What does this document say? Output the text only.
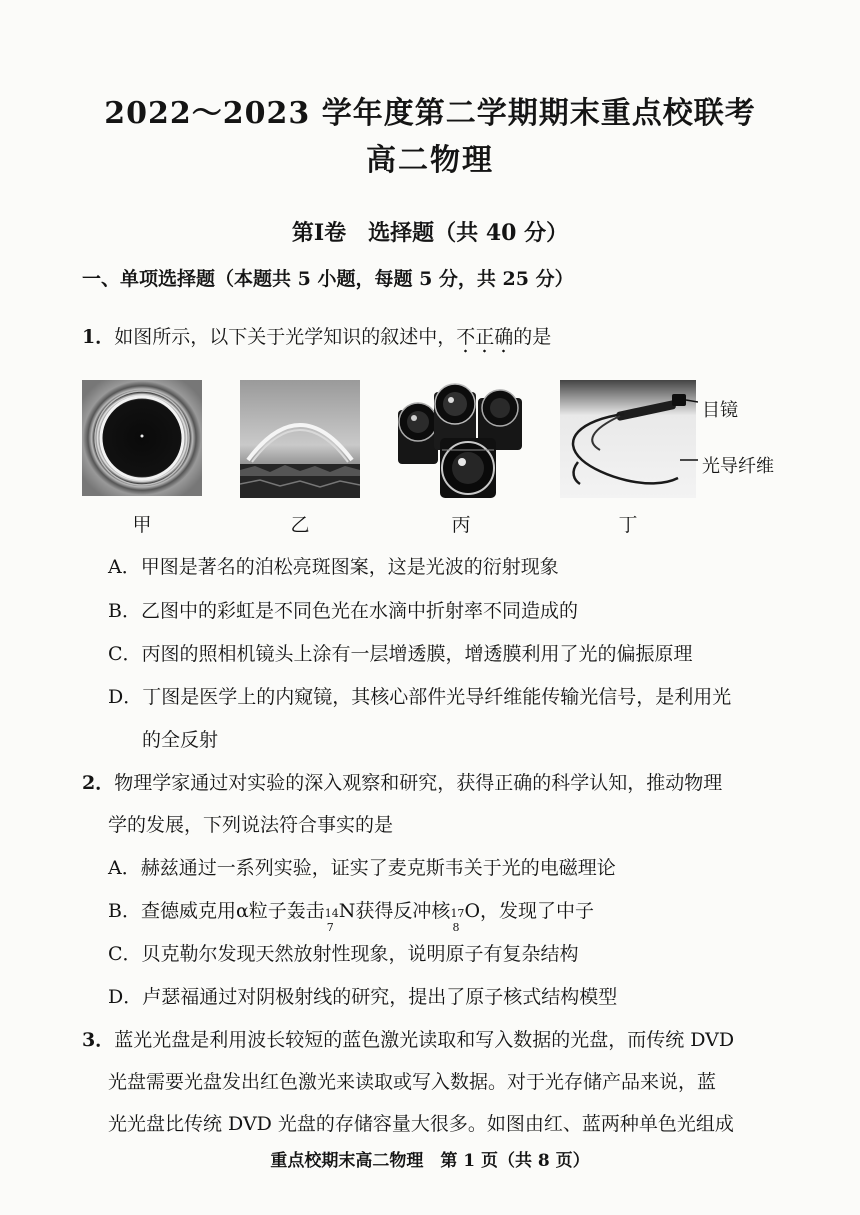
2022～2023 学年度第二学期期末重点校联考
高二物理
第Ⅰ卷　选择题（共 40 分）
一、单项选择题（本题共 5 小题，每题 5 分，共 25 分）
1．如图所示，以下关于光学知识的叙述中，不正确的是
甲	乙	丙
目镜
光导纤维
丁
A．甲图是著名的泊松亮斑图案，这是光波的衍射现象
B．乙图中的彩虹是不同色光在水滴中折射率不同造成的
C．丙图的照相机镜头上涂有一层增透膜，增透膜利用了光的偏振原理
D．丁图是医学上的内窥镜，其核心部件光导纤维能传输光信号，是利用光
的全反射
2．物理学家通过对实验的深入观察和研究，获得正确的科学认知，推动物理
学的发展，下列说法符合事实的是
A．赫兹通过一系列实验，证实了麦克斯韦关于光的电磁理论
B．查德威克用α粒子轰击 14
7
N获得反冲核 17
8
O，发现了中子
C．贝克勒尔发现天然放射性现象，说明原子有复杂结构
D．卢瑟福通过对阴极射线的研究，提出了原子核式结构模型
3．蓝光光盘是利用波长较短的蓝色激光读取和写入数据的光盘，而传统 DVD
光盘需要光盘发出红色激光来读取或写入数据。对于光存储产品来说，蓝
光光盘比传统 DVD 光盘的存储容量大很多。如图由红、蓝两种单色光组成
重点校期末高二物理　第 1 页（共 8 页）
